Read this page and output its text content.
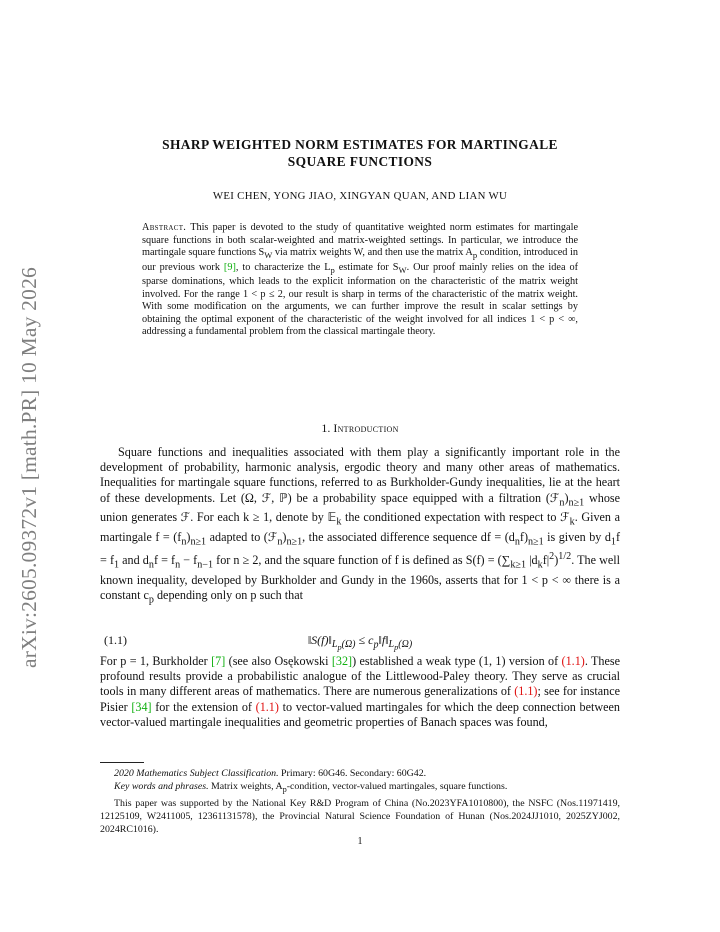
arXiv:2605.09372v1 [math.PR] 10 May 2026
SHARP WEIGHTED NORM ESTIMATES FOR MARTINGALE
SQUARE FUNCTIONS
WEI CHEN, YONG JIAO, XINGYAN QUAN, AND LIAN WU

Abstract. This paper is devoted to the study of quantitative weighted norm estimates for martingale square functions in both scalar-weighted and matrix-weighted settings. In particular, we introduce the martingale square functions $S_W$ via matrix weights W, and then use the matrix $A_p$ condition, introduced in our previous work [9], to characterize the $L_p$ estimate for $S_W$. Our proof mainly relies on the idea of sparse dominations, which leads to the explicit information on the characteristic of the matrix weight involved. For the range 1 < p ≤ 2, our result is sharp in terms of the characteristic of the matrix weight. With some modification on the arguments, we can further improve the result in scalar settings by obtaining the optimal exponent of the characteristic of the weight involved for all indices 1 < p < ∞, addressing a fundamental problem from the classical martingale theory.

1. Introduction

Square functions and inequalities associated with them play a significantly important role in the development of probability, harmonic analysis, ergodic theory and many other areas of mathematics. Inequalities for martingale square functions, referred to as Burkholder-Gundy inequalities, lie at the heart of these developments. Let (Ω, ℱ, ℙ) be a probability space equipped with a filtration $(ℱ_n)_{n\ge 1}$ whose union generates ℱ. For each k ≥ 1, denote by 𝔼$_k$ the conditioned expectation with respect to ℱ$_k$. Given a martingale $f = (f_n)_{n\ge 1}$ adapted to $(ℱ_n)_{n\ge 1}$, the associated difference sequence df = $(d_nf)_{n\ge 1}$ is given by $d_1f = f_1$ and $d_nf = f_n - f_{n-1}$ for n ≥ 2, and the square function of f is defined as $S(f) = (\sum_{k\ge 1}$ $|d_kf|^2)^{1/2}$. The well known inequality, developed by Burkholder and Gundy in the 1960s, asserts that for 1 < p < ∞ there is a constant $c_p$ depending only on p such that

(1.1)	$‖S(f)‖_{L_p(\Omega)}$ ≤ $c_p‖f‖_{L_p(\Omega)}$

For p = 1, Burkholder [7] (see also Osękowski [32]) established a weak type (1, 1) version of (1.1). These profound results provide a probabilistic analogue of the Littlewood-Paley theory. They serve as crucial tools in many different areas of mathematics. There are numerous generalizations of (1.1); see for instance Pisier [34] for the extension of (1.1) to vector-valued martingales for which the deep connection between vector-valued martingale inequalities and geometric properties of Banach spaces was found,

2020 Mathematics Subject Classification. Primary: 60G46. Secondary: 60G42.
Key words and phrases. Matrix weights, $A_p$-condition, vector-valued martingales, square functions.
This paper was supported by the National Key R&D Program of China (No.2023YFA1010800), the NSFC (Nos.11971419, 12125109, W2411005, 12361131578), the Provincial Natural Science Foundation of Hunan (Nos.2024JJ1010, 2025ZYJ002, 2024RC1016).

1
